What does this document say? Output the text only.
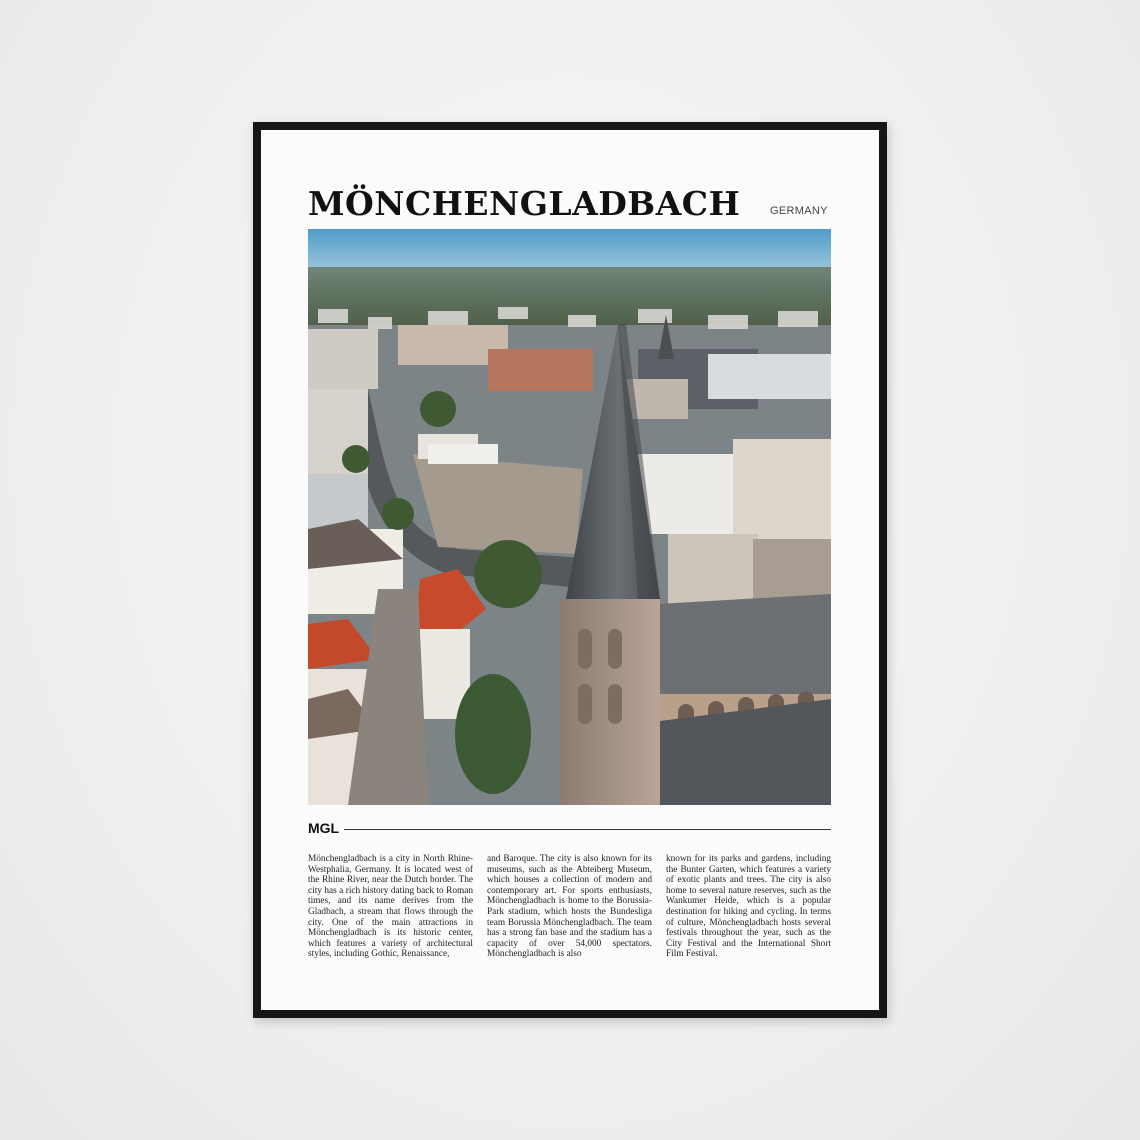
MÖNCHENGLADBACH	GERMANY
MGL
Mönchengladbach is a city in North Rhine-Westphalia, Germany. It is located west of the Rhine River, near the Dutch border. The city has a rich history dating back to Roman times, and its name derives from the Gladbach, a stream that flows through the city. One of the main attractions in Mönchengladbach is its historic center, which features a variety of architectural styles, including Gothic, Renaissance,
and Baroque. The city is also known for its museums, such as the Abteiberg Museum, which houses a collection of modern and contemporary art. For sports enthusiasts, Mönchengladbach is home to the Borussia-Park stadium, which hosts the Bundesliga team Borussia Mönchengladbach. The team has a strong fan base and the stadium has a capacity of over 54,000 spectators. Mönchengladbach is also
known for its parks and gardens, including the Bunter Garten, which features a variety of exotic plants and trees. The city is also home to several nature reserves, such as the Wankumer Heide, which is a popular destination for hiking and cycling. In terms of culture, Mönchengladbach hosts several festivals throughout the year, such as the City Festival and the International Short Film Festival.
